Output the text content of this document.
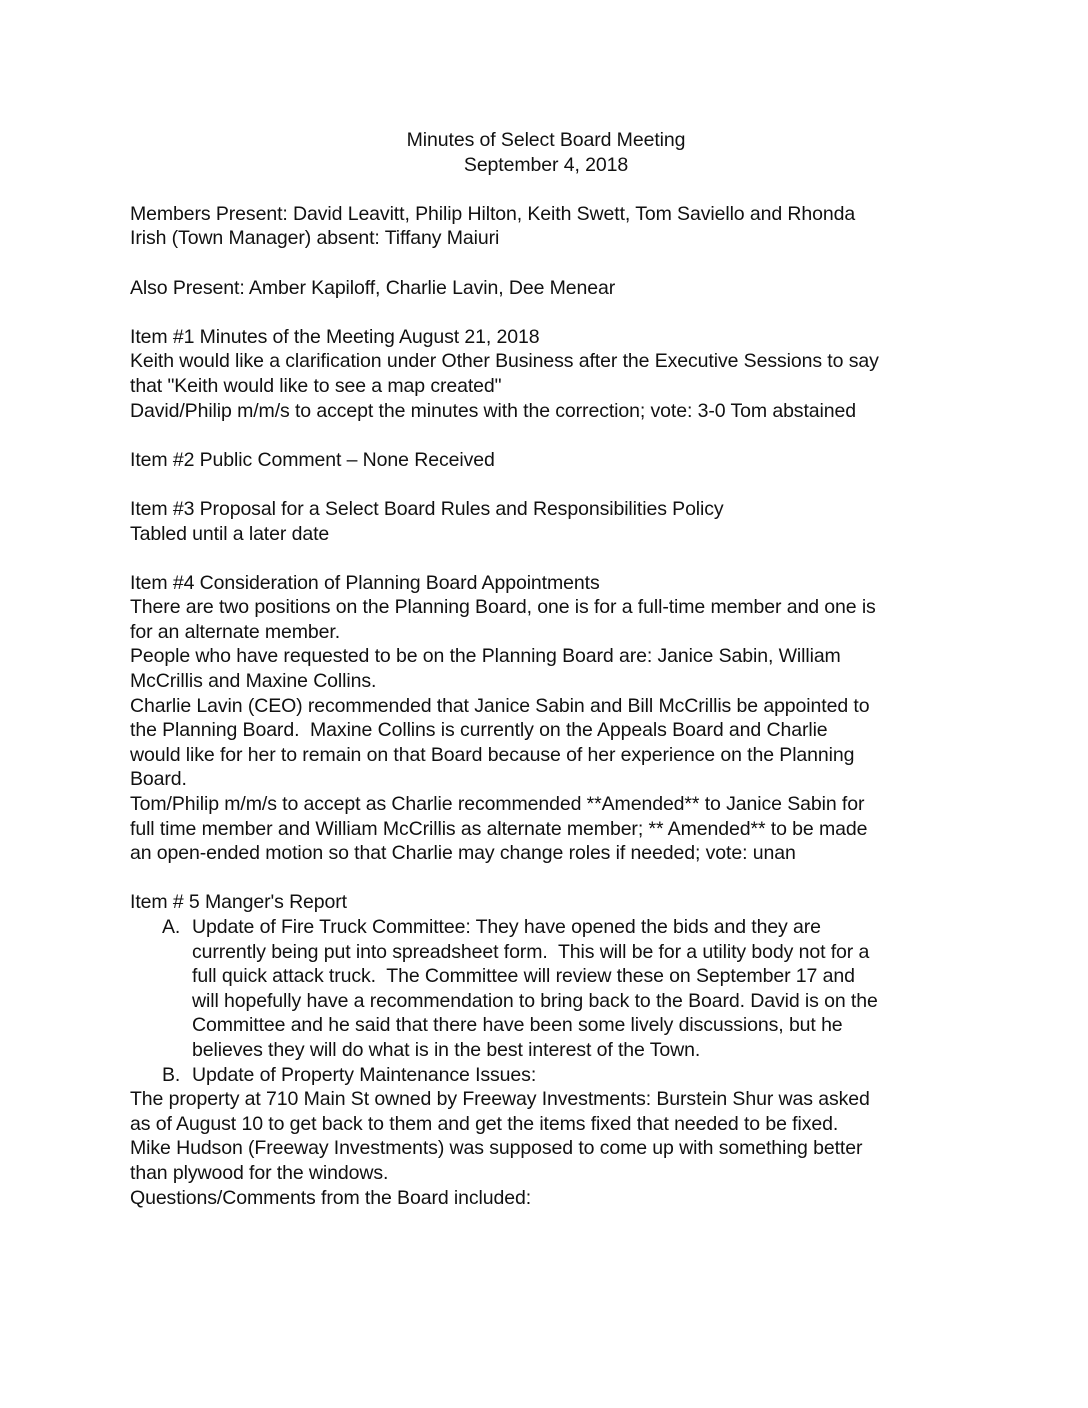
Minutes of Select Board Meeting
September 4, 2018
Members Present: David Leavitt, Philip Hilton, Keith Swett, Tom Saviello and Rhonda
Irish (Town Manager) absent: Tiffany Maiuri
Also Present: Amber Kapiloff, Charlie Lavin, Dee Menear
Item #1 Minutes of the Meeting August 21, 2018
Keith would like a clarification under Other Business after the Executive Sessions to say
that "Keith would like to see a map created"
David/Philip m/m/s to accept the minutes with the correction; vote: 3-0 Tom abstained
Item #2 Public Comment – None Received
Item #3 Proposal for a Select Board Rules and Responsibilities Policy
Tabled until a later date
Item #4 Consideration of Planning Board Appointments
There are two positions on the Planning Board, one is for a full-time member and one is
for an alternate member.
People who have requested to be on the Planning Board are: Janice Sabin, William
McCrillis and Maxine Collins.
Charlie Lavin (CEO) recommended that Janice Sabin and Bill McCrillis be appointed to
the Planning Board.  Maxine Collins is currently on the Appeals Board and Charlie
would like for her to remain on that Board because of her experience on the Planning
Board.
Tom/Philip m/m/s to accept as Charlie recommended **Amended** to Janice Sabin for
full time member and William McCrillis as alternate member; ** Amended** to be made
an open-ended motion so that Charlie may change roles if needed; vote: unan
Item # 5 Manger's Report
A. Update of Fire Truck Committee: They have opened the bids and they are
currently being put into spreadsheet form.  This will be for a utility body not for a
full quick attack truck.  The Committee will review these on September 17 and
will hopefully have a recommendation to bring back to the Board. David is on the
Committee and he said that there have been some lively discussions, but he
believes they will do what is in the best interest of the Town.
B. Update of Property Maintenance Issues:
The property at 710 Main St owned by Freeway Investments: Burstein Shur was asked
as of August 10 to get back to them and get the items fixed that needed to be fixed.
Mike Hudson (Freeway Investments) was supposed to come up with something better
than plywood for the windows.
Questions/Comments from the Board included:
